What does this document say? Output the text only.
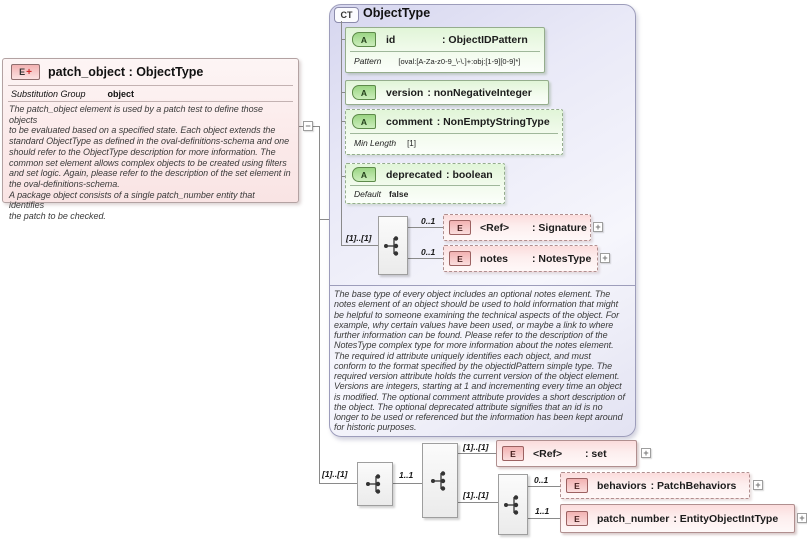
−
E + patch_object : ObjectType
Substitution Group object
The patch_object element is used by a patch test to define those objects
to be evaluated based on a specified state. Each object extends the
standard ObjectType as defined in the oval-definitions-schema and one
should refer to the ObjectType description for more information. The
common set element allows complex objects to be created using filters
and set logic. Again, please refer to the description of the set element in
the oval-definitions-schema.
A package object consists of a single patch_number entity that identifies
the patch to be checked.
CT ObjectType
A	id	: ObjectIDPattern
Pattern [oval:[A-Za-z0-9_\-\.]+:obj:[1-9][0-9]*]
A	version : nonNegativeInteger
A	comment : NonEmptyStringType
Min Length [1]
A	deprecated : boolean
Default false
[1]..[1]
0..1
E	<Ref>	: Signature +
0..1
E	notes	: NotesType +
The base type of every object includes an optional notes element. The
notes element of an object should be used to hold information that might
be helpful to someone examining the technical aspects of the object. For
example, why certain values have been used, or maybe a link to where
further information can be found. Please refer to the description of the
NotesType complex type for more information about the notes element.
The required id attribute uniquely identifies each object, and must
conform to the format specified by the objectidPattern simple type. The
required version attribute holds the current version of the object element.
Versions are integers, starting at 1 and incrementing every time an object
is modified. The optional comment attribute provides a short description of
the object. The optional deprecated attribute signifies that an id is no
longer to be used or referenced but the information has been kept around
for historic purposes.
[1]..[1]	1..1
[1]..[1]
E	<Ref>	: set	+
[1]..[1]
0..1
E	behaviors : PatchBehaviors +
1..1
E	patch_number : EntityObjectIntType +
